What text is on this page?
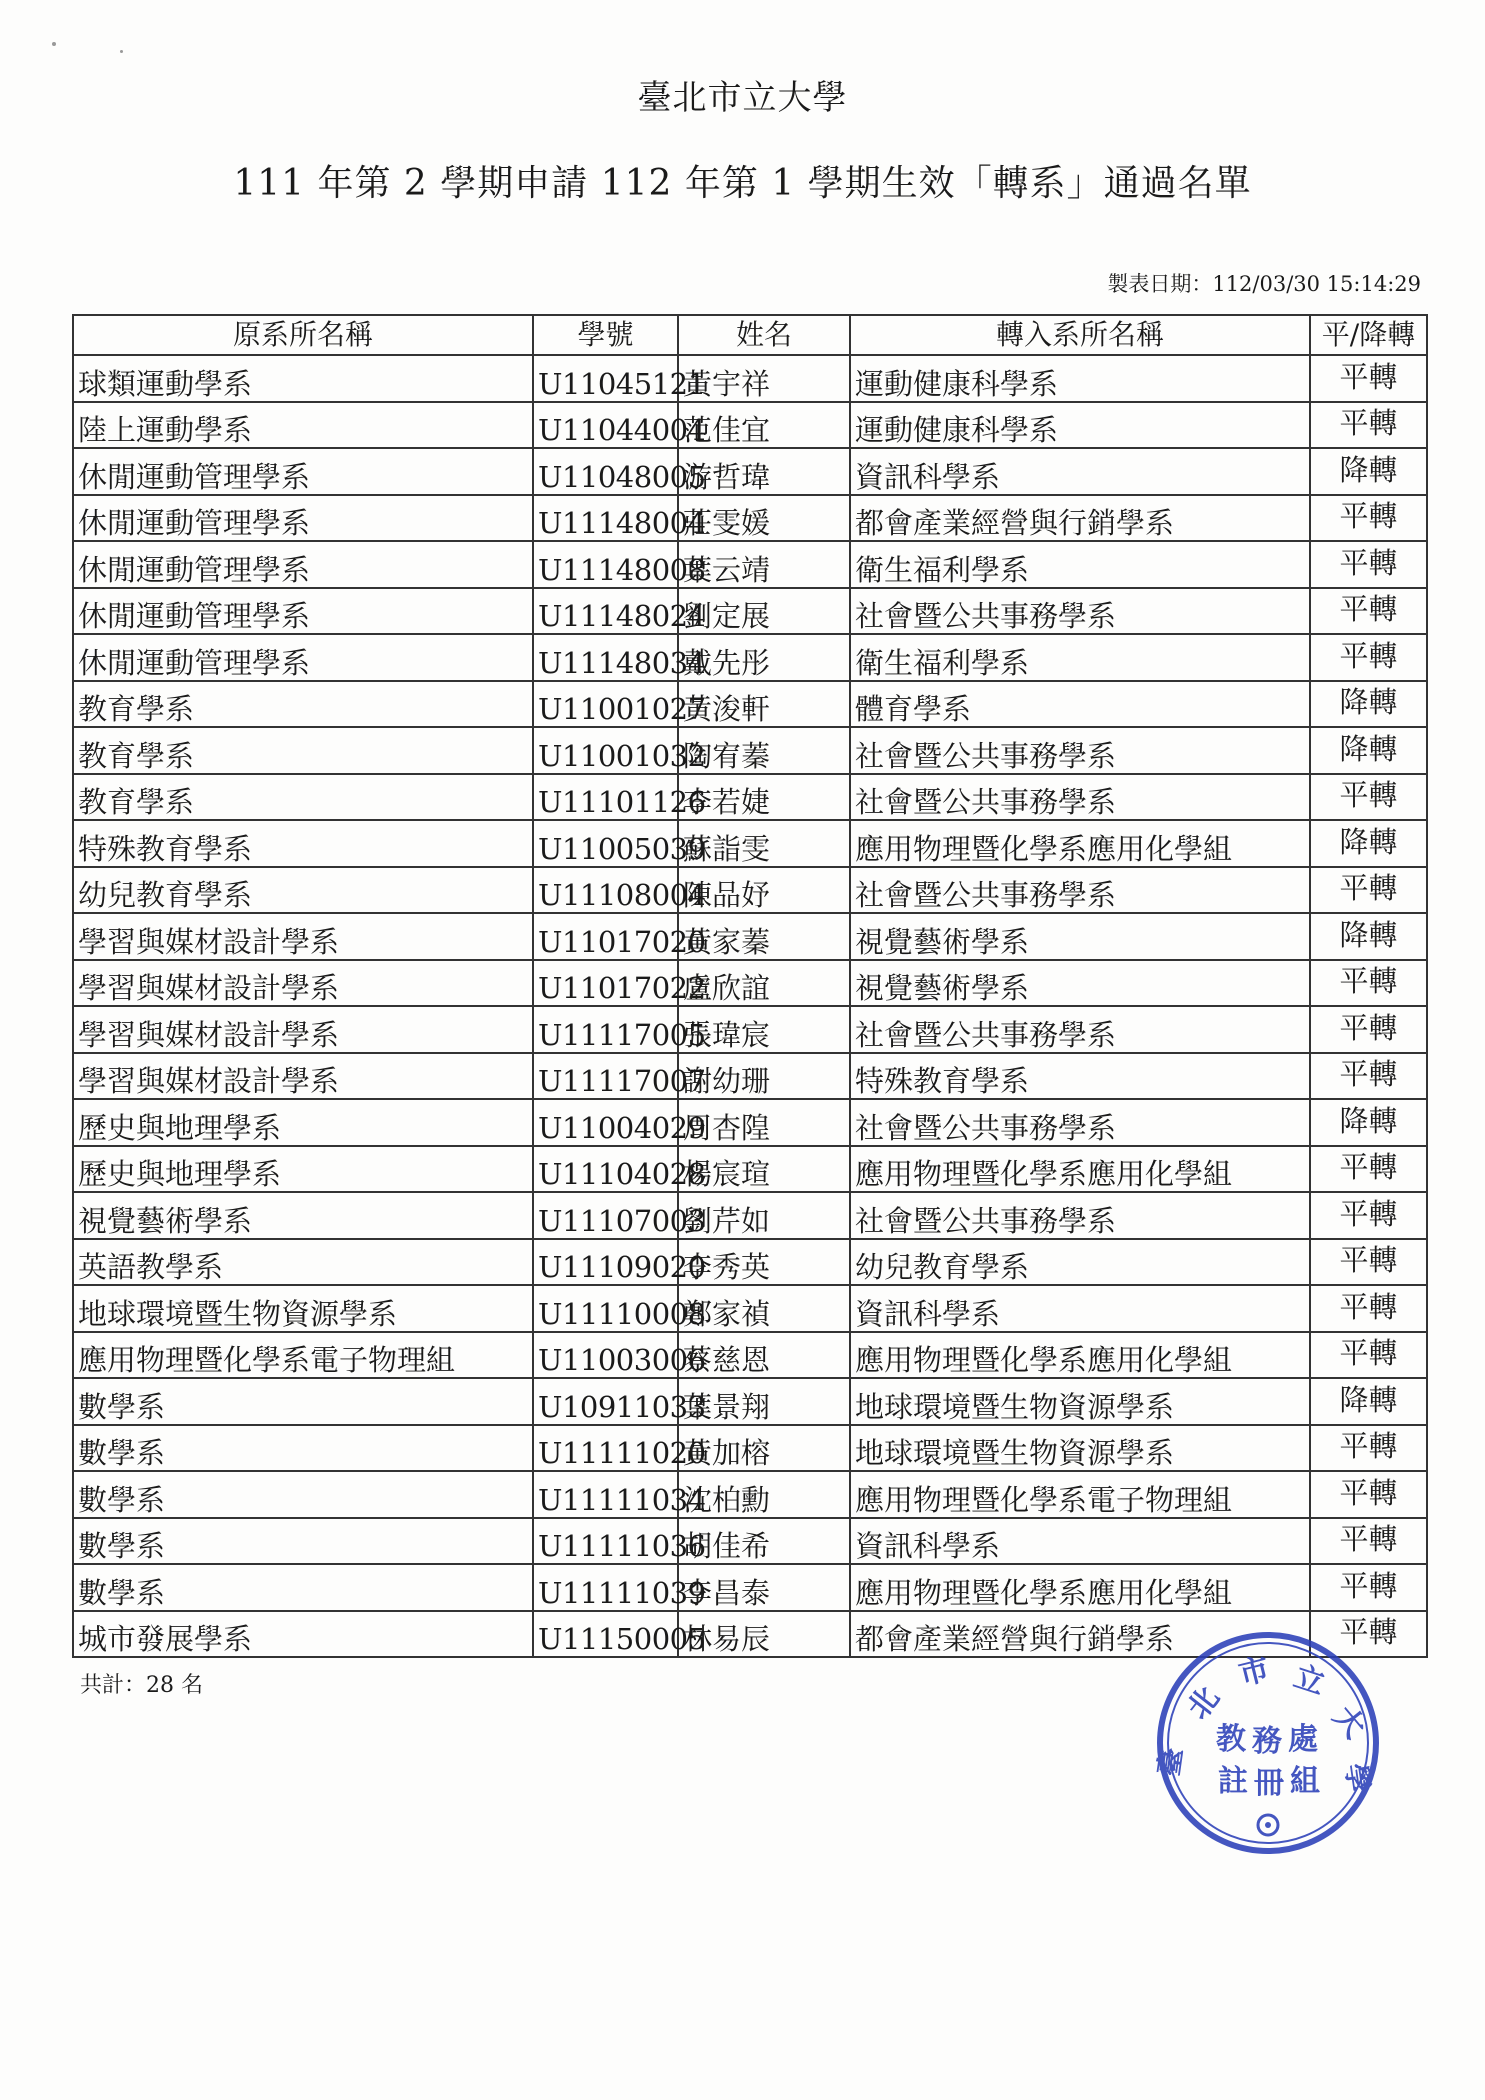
臺北市立大學
111 年第 2 學期申請 112 年第 1 學期生效「轉系」通過名單
製表日期：112/03/30 15:14:29
原系所名稱	學號	姓名	轉入系所名稱	平/降轉
球類運動學系	U11045121	黃宇祥	運動健康科學系	平轉
陸上運動學系	U11044004	范佳宜	運動健康科學系	平轉
休閒運動管理學系	U11048005	游哲瑋	資訊科學系	降轉
休閒運動管理學系	U11148004	莊雯媛	都會產業經營與行銷學系	平轉
休閒運動管理學系	U11148008	葉云靖	衛生福利學系	平轉
休閒運動管理學系	U11148024	劉定展	社會暨公共事務學系	平轉
休閒運動管理學系	U11148034	戴先彤	衛生福利學系	平轉
教育學系	U11001027	黃浚軒	體育學系	降轉
教育學系	U11001032	陶宥蓁	社會暨公共事務學系	降轉
教育學系	U11101126	李若婕	社會暨公共事務學系	平轉
特殊教育學系	U11005039	蘇詣雯	應用物理暨化學系應用化學組	降轉
幼兒教育學系	U11108004	陳品妤	社會暨公共事務學系	平轉
學習與媒材設計學系	U11017020	黃家蓁	視覺藝術學系	降轉
學習與媒材設計學系	U11017022	盧欣誼	視覺藝術學系	平轉
學習與媒材設計學系	U11117005	張瑋宸	社會暨公共事務學系	平轉
學習與媒材設計學系	U11117007	謝幼珊	特殊教育學系	平轉
歷史與地理學系	U11004029	周杏隍	社會暨公共事務學系	降轉
歷史與地理學系	U11104028	楊宸瑄	應用物理暨化學系應用化學組	平轉
視覺藝術學系	U11107003	劉芹如	社會暨公共事務學系	平轉
英語教學系	U11109020	李秀英	幼兒教育學系	平轉
地球環境暨生物資源學系	U11110008	鄭家禎	資訊科學系	平轉
應用物理暨化學系電子物理組	U11003006	蔡慈恩	應用物理暨化學系應用化學組	平轉
數學系	U10911033	葉景翔	地球環境暨生物資源學系	降轉
數學系	U11111020	黃加榕	地球環境暨生物資源學系	平轉
數學系	U11111034	沈柏勳	應用物理暨化學系電子物理組	平轉
數學系	U11111036	胡佳希	資訊科學系	平轉
數學系	U11111039	李昌泰	應用物理暨化學系應用化學組	平轉
城市發展學系	U11150005	林易辰	都會產業經營與行銷學系	平轉
共計：28 名	北
市 立
大
學
臺
教 務 處
註 冊 組
